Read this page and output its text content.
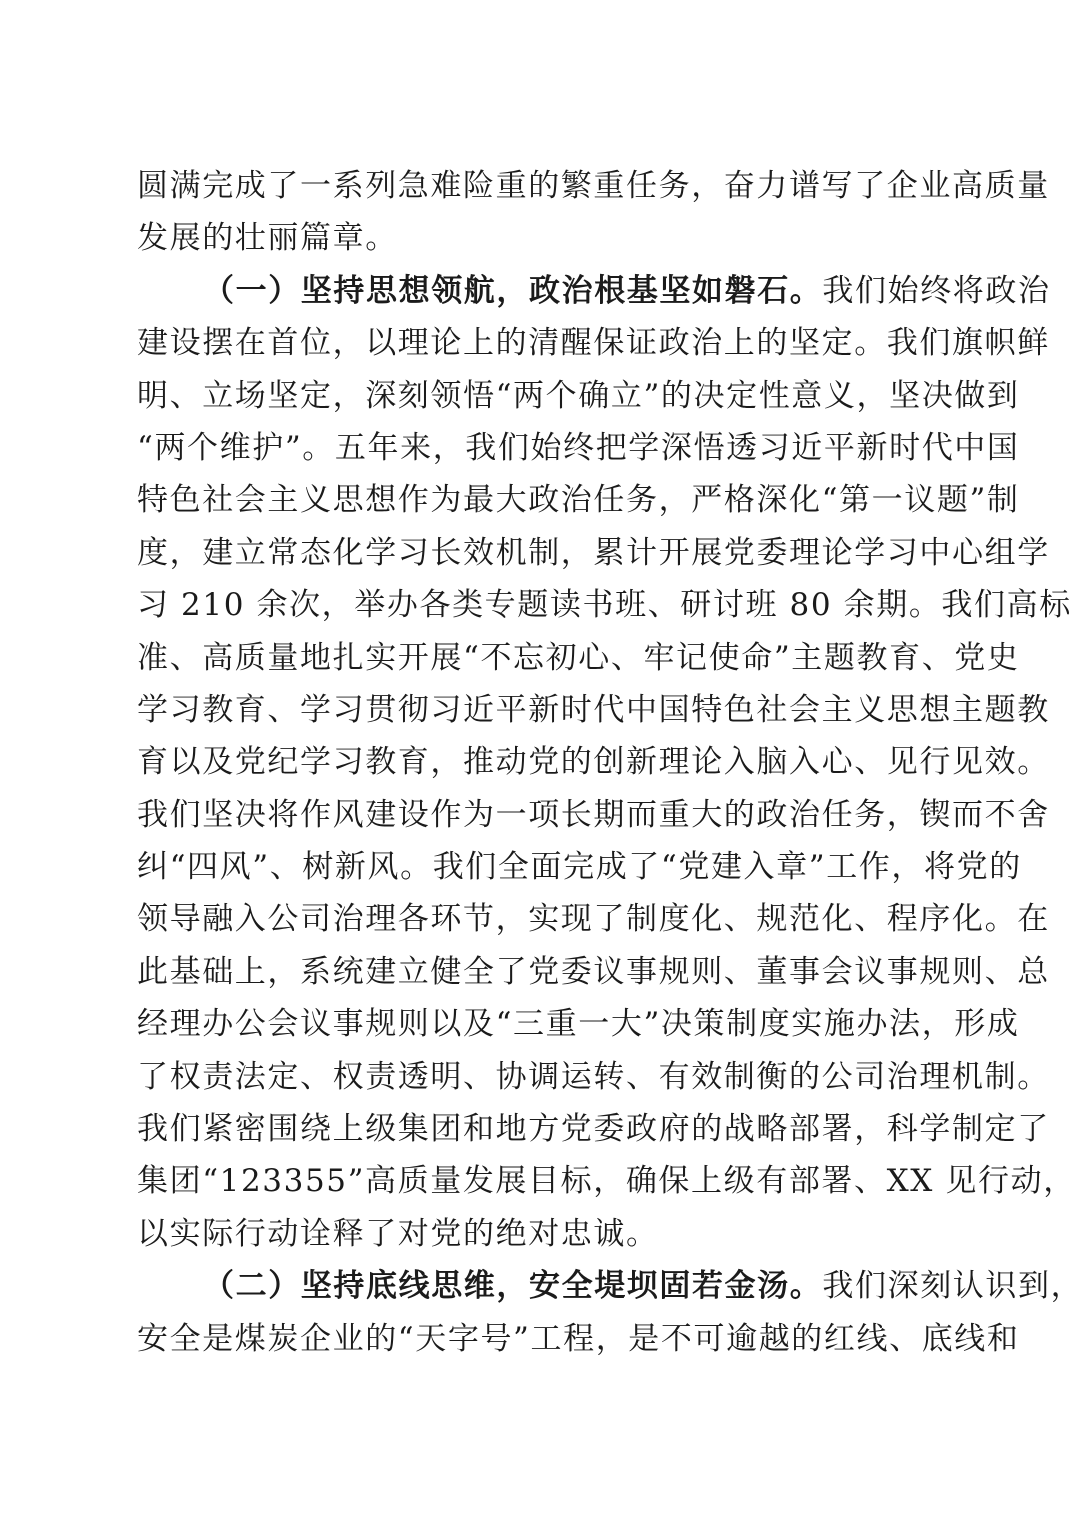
圆满完成了一系列急难险重的繁重任务，奋力谱写了企业高质量
发展的壮丽篇章。
（一）坚持思想领航，政治根基坚如磐石。我们始终将政治
建设摆在首位，以理论上的清醒保证政治上的坚定。我们旗帜鲜
明、立场坚定，深刻领悟“两个确立”的决定性意义，坚决做到
“两个维护”。五年来，我们始终把学深悟透习近平新时代中国
特色社会主义思想作为最大政治任务，严格深化“第一议题”制
度，建立常态化学习长效机制，累计开展党委理论学习中心组学
习 210 余次，举办各类专题读书班、研讨班 80 余期。我们高标
准、高质量地扎实开展“不忘初心、牢记使命”主题教育、党史
学习教育、学习贯彻习近平新时代中国特色社会主义思想主题教
育以及党纪学习教育，推动党的创新理论入脑入心、见行见效。
我们坚决将作风建设作为一项长期而重大的政治任务，锲而不舍
纠“四风”、树新风。我们全面完成了“党建入章”工作，将党的
领导融入公司治理各环节，实现了制度化、规范化、程序化。在
此基础上，系统建立健全了党委议事规则、董事会议事规则、总
经理办公会议事规则以及“三重一大”决策制度实施办法，形成
了权责法定、权责透明、协调运转、有效制衡的公司治理机制。
我们紧密围绕上级集团和地方党委政府的战略部署，科学制定了
集团“123355”高质量发展目标，确保上级有部署、XX 见行动，
以实际行动诠释了对党的绝对忠诚。
（二）坚持底线思维，安全堤坝固若金汤。我们深刻认识到，
安全是煤炭企业的“天字号”工程，是不可逾越的红线、底线和
